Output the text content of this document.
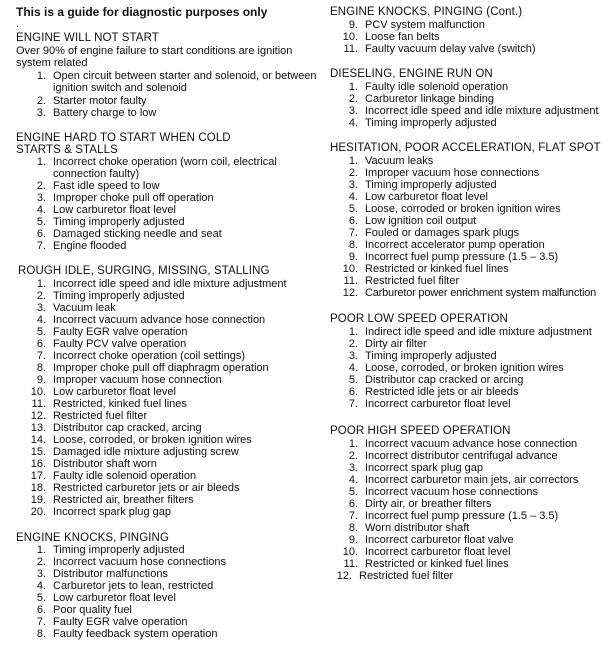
This is a guide for diagnostic purposes only
.
ENGINE WILL NOT START
Over 90% of engine failure to start conditions are ignition
system related
1. Open circuit between starter and solenoid, or between
ignition switch and solenoid
2. Starter motor faulty
3. Battery charge to low
ENGINE HARD TO START WHEN COLD
STARTS & STALLS
1. Incorrect choke operation (worn coil, electrical
connection faulty)
2. Fast idle speed to low
3. Improper choke pull off operation
4. Low carburetor float level
5. Timing improperly adjusted
6. Damaged sticking needle and seat
7. Engine flooded
ROUGH IDLE, SURGING, MISSING, STALLING
1. Incorrect idle speed and idle mixture adjustment
2. Timing improperly adjusted
3. Vacuum leak
4. Incorrect vacuum advance hose connection
5. Faulty EGR valve operation
6. Faulty PCV valve operation
7. Incorrect choke operation (coil settings)
8. Improper choke pull off diaphragm operation
9. Improper vacuum hose connection
10. Low carburetor float level
11. Restricted, kinked fuel lines
12. Restricted fuel filter
13. Distributor cap cracked, arcing
14. Loose, corroded, or broken ignition wires
15. Damaged idle mixture adjusting screw
16. Distributor shaft worn
17. Faulty idle solenoid operation
18. Restricted carburetor jets or air bleeds
19. Restricted air, breather filters
20. Incorrect spark plug gap
ENGINE KNOCKS, PINGING
1. Timing improperly adjusted
2. Incorrect vacuum hose connections
3. Distributor malfunctions
4. Carburetor jets to lean, restricted
5. Low carburetor float level
6. Poor quality fuel
7. Faulty EGR valve operation
8. Faulty feedback system operation
ENGINE KNOCKS, PINGING (Cont.)
9. PCV system malfunction
10. Loose fan belts
11. Faulty vacuum delay valve (switch)
DIESELING, ENGINE RUN ON
1. Faulty idle solenoid operation
2. Carburetor linkage binding
3. Incorrect idle speed and idle mixture adjustment
4. Timing improperly adjusted
HESITATION, POOR ACCELERATION, FLAT SPOT
1. Vacuum leaks
2. Improper vacuum hose connections
3. Timing improperly adjusted
4. Low carburetor float level
5. Loose, corroded or broken ignition wires
6. Low ignition coil output
7. Fouled or damages spark plugs
8. Incorrect accelerator pump operation
9. Incorrect fuel pump pressure (1.5 – 3.5)
10. Restricted or kinked fuel lines
11. Restricted fuel filter
12. Carburetor power enrichment system malfunction
POOR LOW SPEED OPERATION
1. Indirect idle speed and idle mixture adjustment
2. Dirty air filter
3. Timing improperly adjusted
4. Loose, corroded, or broken ignition wires
5. Distributor cap cracked or arcing
6. Restricted idle jets or air bleeds
7. Incorrect carburetor float level
POOR HIGH SPEED OPERATION
1. Incorrect vacuum advance hose connection
2. Incorrect distributor centrifugal advance
3. Incorrect spark plug gap
4. Incorrect carburetor main jets, air correctors
5. Incorrect vacuum hose connections
6. Dirty air, or breather filters
7. Incorrect fuel pump pressure (1.5 – 3.5)
8. Worn distributor shaft
9. Incorrect carburetor float valve
10. Incorrect carburetor float level
11. Restricted or kinked fuel lines
12. Restricted fuel filter
